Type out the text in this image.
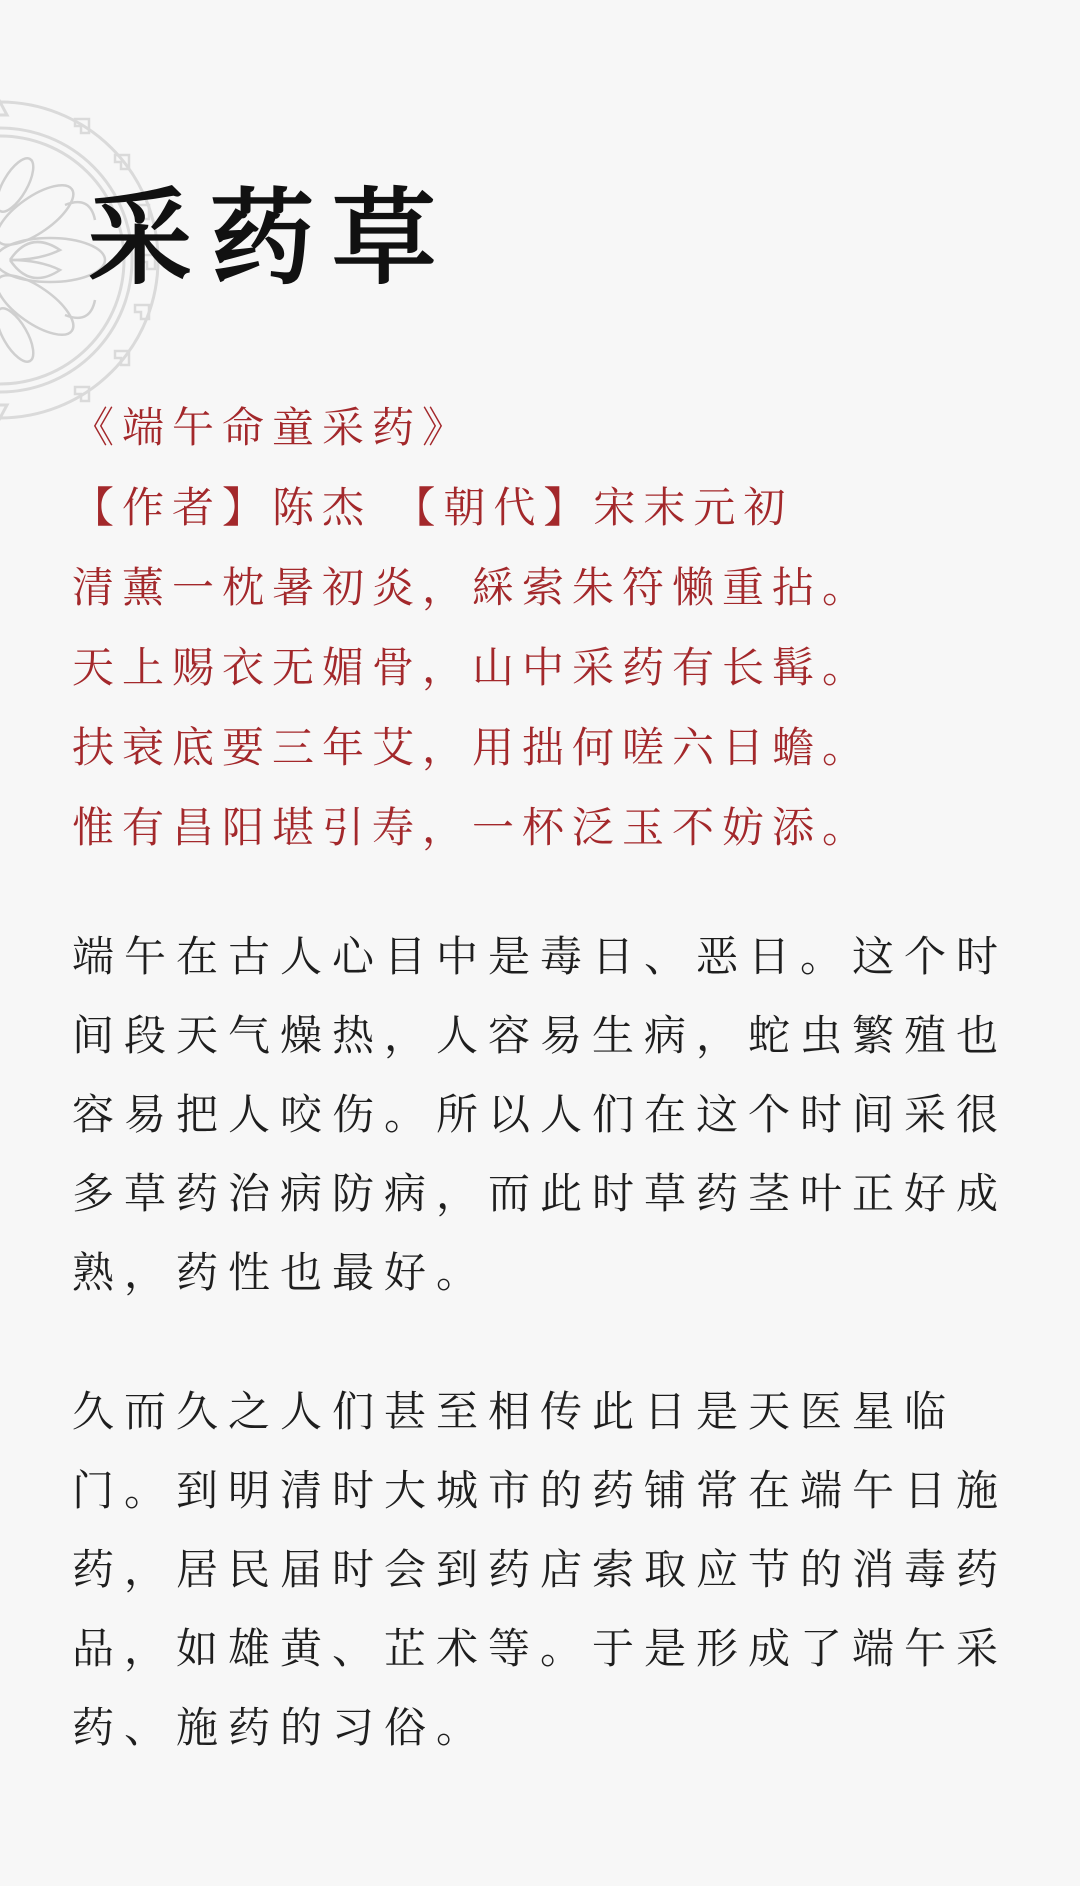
采药草
《端午命童采药》
【作者】陈杰 【朝代】宋末元初
清薰一枕暑初炎，綵索朱符懒重拈。
天上赐衣无媚骨，山中采药有长髯。
扶衰底要三年艾，用拙何嗟六日蟾。
惟有昌阳堪引寿，一杯泛玉不妨添。

端午在古人心目中是毒日、恶日。这个时间段天气燥热，人容易生病，蛇虫繁殖也容易把人咬伤。所以人们在这个时间采很多草药治病防病，而此时草药茎叶正好成熟，药性也最好。

久而久之人们甚至相传此日是天医星临门。到明清时大城市的药铺常在端午日施药，居民届时会到药店索取应节的消毒药品，如雄黄、芷术等。于是形成了端午采药、施药的习俗。
